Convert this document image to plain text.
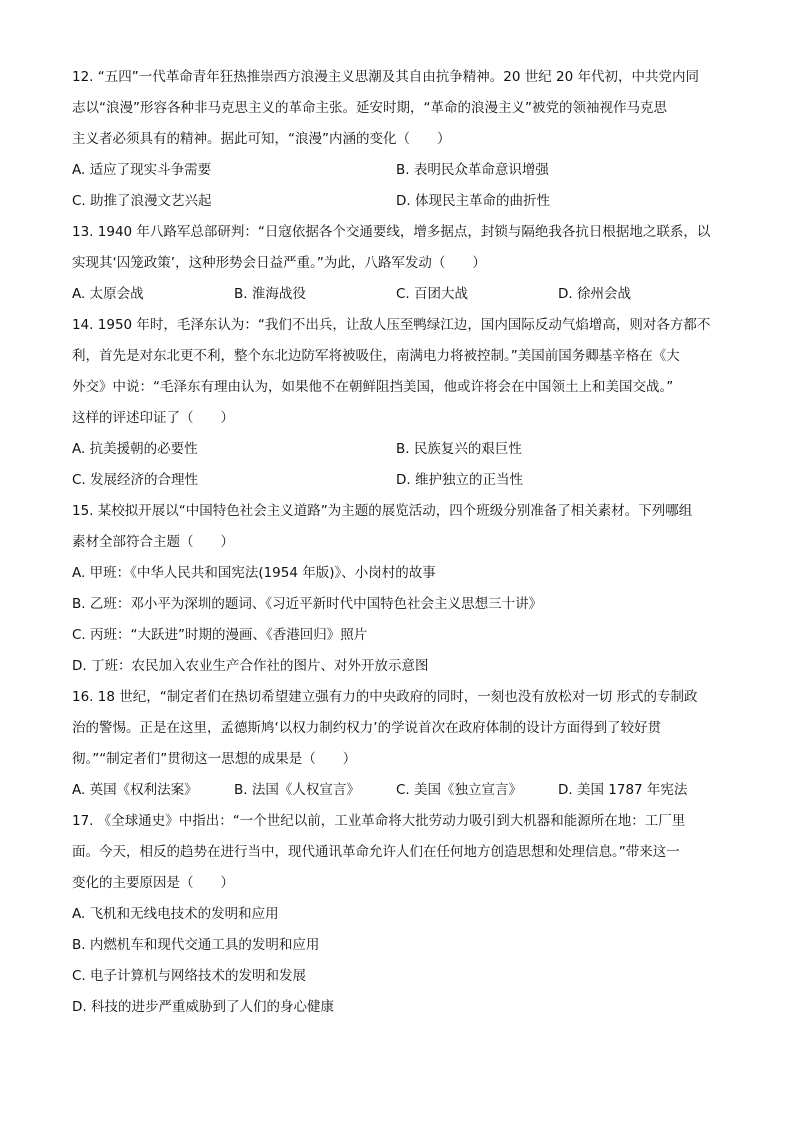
12. “五四”一代革命青年狂热推崇西方浪漫主义思潮及其自由抗争精神。20 世纪 20 年代初，中共党内同
志以“浪漫”形容各种非马克思主义的革命主张。延安时期，“革命的浪漫主义”被党的领袖视作马克思
主义者必须具有的精神。据此可知，“浪漫”内涵的变化（　　）
A. 适应了现实斗争需要	B. 表明民众革命意识增强
C. 助推了浪漫文艺兴起	D. 体现民主革命的曲折性
13. 1940 年八路军总部研判：“日寇依据各个交通要线，增多据点，封锁与隔绝我各抗日根据地之联系，以
实现其‘囚笼政策’，这种形势会日益严重。”为此，八路军发动（　　）
A. 太原会战	B. 淮海战役	C. 百团大战	D. 徐州会战
14. 1950 年时，毛泽东认为：“我们不出兵，让敌人压至鸭绿江边，国内国际反动气焰增高，则对各方都不
利，首先是对东北更不利，整个东北边防军将被吸住，南满电力将被控制。”美国前国务卿基辛格在《大
外交》中说：“毛泽东有理由认为，如果他不在朝鲜阻挡美国，他或许将会在中国领土上和美国交战。”
这样的评述印证了（　　）
A. 抗美援朝的必要性	B. 民族复兴的艰巨性
C. 发展经济的合理性	D. 维护独立的正当性
15. 某校拟开展以“中国特色社会主义道路”为主题的展览活动，四个班级分别准备了相关素材。下列哪组
素材全部符合主题（　　）
A. 甲班：《中华人民共和国宪法(1954 年版)》、小岗村的故事
B. 乙班：邓小平为深圳的题词、《习近平新时代中国特色社会主义思想三十讲》
C. 丙班：“大跃进”时期的漫画、《香港回归》照片
D. 丁班：农民加入农业生产合作社的图片、对外开放示意图
16. 18 世纪，“制定者们在热切希望建立强有力的中央政府的同时，一刻也没有放松对一切 形式的专制政
治的警惕。正是在这里，孟德斯鸠‘以权力制约权力’的学说首次在政府体制的设计方面得到了较好贯
彻。”“制定者们”贯彻这一思想的成果是（　　）
A. 英国《权利法案》	B. 法国《人权宣言》	C. 美国《独立宣言》	D. 美国 1787 年宪法
17. 《全球通史》中指出：“一个世纪以前，工业革命将大批劳动力吸引到大机器和能源所在地：工厂里
面。今天，相反的趋势在进行当中，现代通讯革命允许人们在任何地方创造思想和处理信息。”带来这一
变化的主要原因是（　　）
A. 飞机和无线电技术的发明和应用
B. 内燃机车和现代交通工具的发明和应用
C. 电子计算机与网络技术的发明和发展
D. 科技的进步严重威胁到了人们的身心健康
